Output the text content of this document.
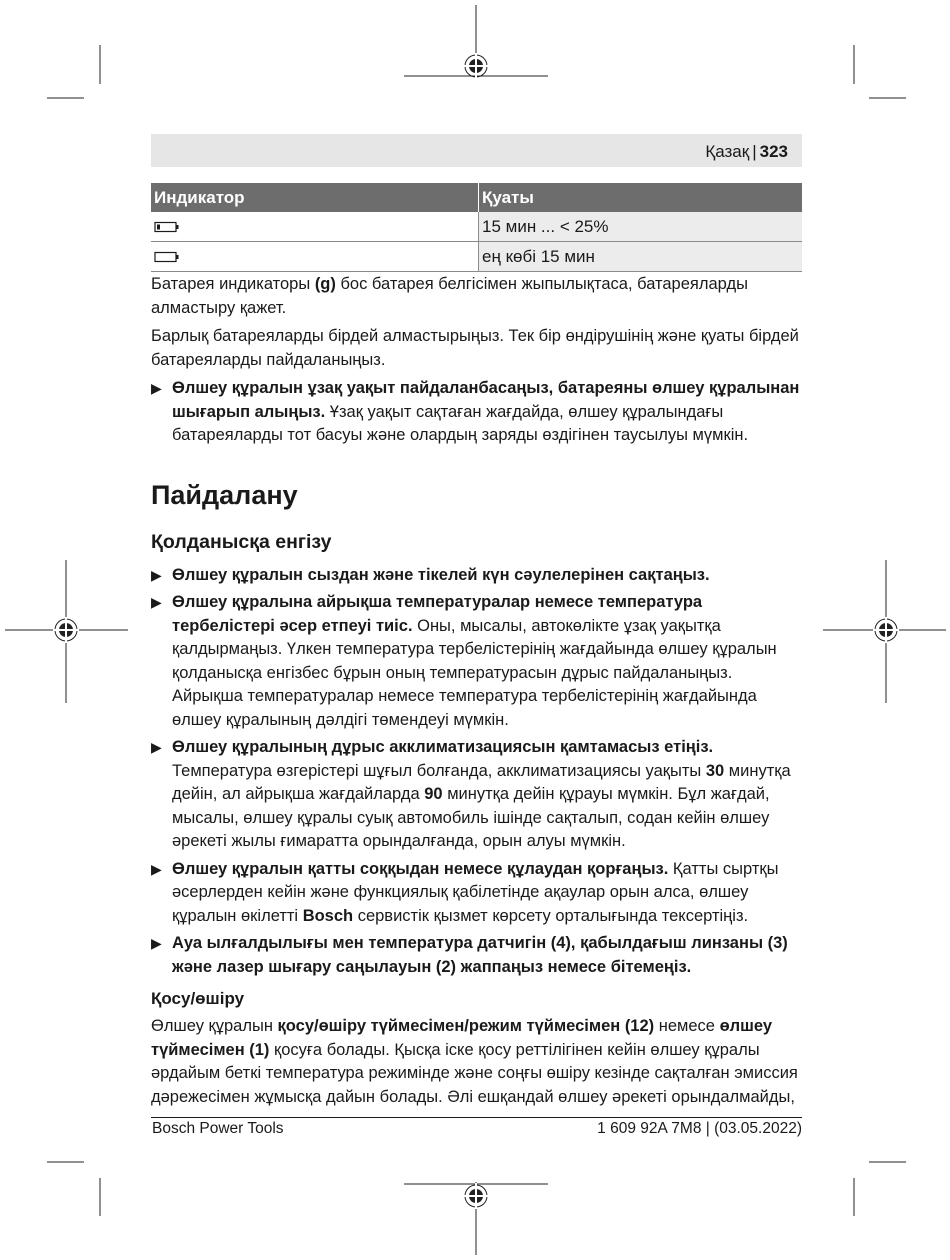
Қазақ | 323
Индикатор	Қуаты
	15 мин ... < 25%
	ең көбі 15 мин

Батарея индикаторы (g) бос батарея белгісімен жыпылықтаса, батареяларды алмастыру қажет.

Барлық батареяларды бірдей алмастырыңыз. Тек бір өндірушінің және қуаты бірдей батареяларды пайдаланыңыз.

▶ Өлшеу құралын ұзақ уақыт пайдаланбасаңыз, батареяны өлшеу құралынан шығарып алыңыз. Ұзақ уақыт сақтаған жағдайда, өлшеу құралындағы батареяларды тот басуы және олардың заряды өздігінен таусылуы мүмкін.
Пайдалану
Қолданысқа енгізу
▶ Өлшеу құралын сыздан және тікелей күн сәулелерінен сақтаңыз.
▶ Өлшеу құралына айрықша температуралар немесе температура тербелістері әсер етпеуі тиіс. Оны, мысалы, автокөлікте ұзақ уақытқа қалдырмаңыз. Үлкен температура тербелістерінің жағдайында өлшеу құралын қолданысқа енгізбес бұрын оның температурасын дұрыс пайдаланыңыз. Айрықша температуралар немесе температура тербелістерінің жағдайында өлшеу құралының дәлдігі төмендеуі мүмкін.
▶ Өлшеу құралының дұрыс акклиматизациясын қамтамасыз етіңіз. Температура өзгерістері шұғыл болғанда, акклиматизациясы уақыты 30 минутқа дейін, ал айрықша жағдайларда 90 минутқа дейін құрауы мүмкін. Бұл жағдай, мысалы, өлшеу құралы суық автомобиль ішінде сақталып, содан кейін өлшеу әрекеті жылы ғимаратта орындалғанда, орын алуы мүмкін.
▶ Өлшеу құралын қатты соққыдан немесе құлаудан қорғаңыз. Қатты сыртқы әсерлерден кейін және функциялық қабілетінде ақаулар орын алса, өлшеу құралын өкілетті Bosch сервистік қызмет көрсету орталығында тексертіңіз.
▶ Ауа ылғалдылығы мен температура датчигін (4), қабылдағыш линзаны (3) және лазер шығару саңылауын (2) жаппаңыз немесе бітемеңіз.
Қосу/өшіру

Өлшеу құралын қосу/өшіру түймесімен/режим түймесімен (12) немесе өлшеу түймесімен (1) қосуға болады. Қысқа іске қосу реттілігінен кейін өлшеу құралы әрдайым беткі температура режимінде және соңғы өшіру кезінде сақталған эмиссия дәрежесімен жұмысқа дайын болады. Әлі ешқандай өлшеу әрекеті орындалмайды,

Bosch Power Tools	1 609 92A 7M8 | (03.05.2022)
